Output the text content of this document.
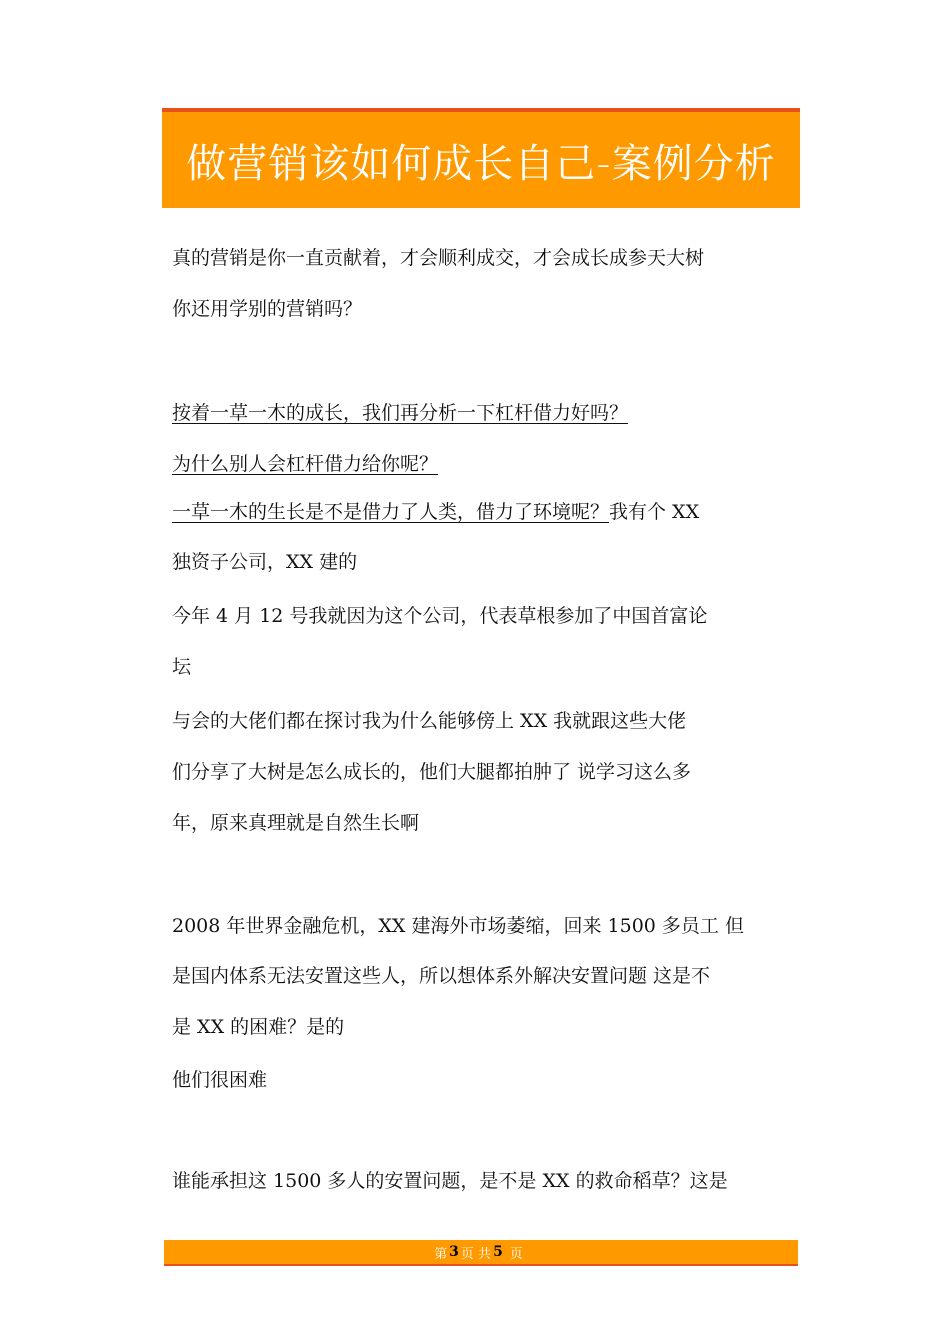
做营销该如何成长自己-案例分析
真的营销是你一直贡献着，才会顺利成交，才会成长成参天大树
你还用学别的营销吗？
按着一草一木的成长，我们再分析一下杠杆借力好吗？
为什么别人会杠杆借力给你呢？
一草一木的生长是不是借力了人类，借力了环境呢？我有个 XX
独资子公司，XX 建的
今年 4 月 12 号我就因为这个公司，代表草根参加了中国首富论
坛
与会的大佬们都在探讨我为什么能够傍上 XX 我就跟这些大佬
们分享了大树是怎么成长的，他们大腿都拍肿了 说学习这么多
年，原来真理就是自然生长啊
2008 年世界金融危机，XX 建海外市场萎缩，回来 1500 多员工 但
是国内体系无法安置这些人，所以想体系外解决安置问题 这是不
是 XX 的困难？是的
他们很困难
谁能承担这 1500 多人的安置问题，是不是 XX 的救命稻草？这是
第 3 页 共 5 页
